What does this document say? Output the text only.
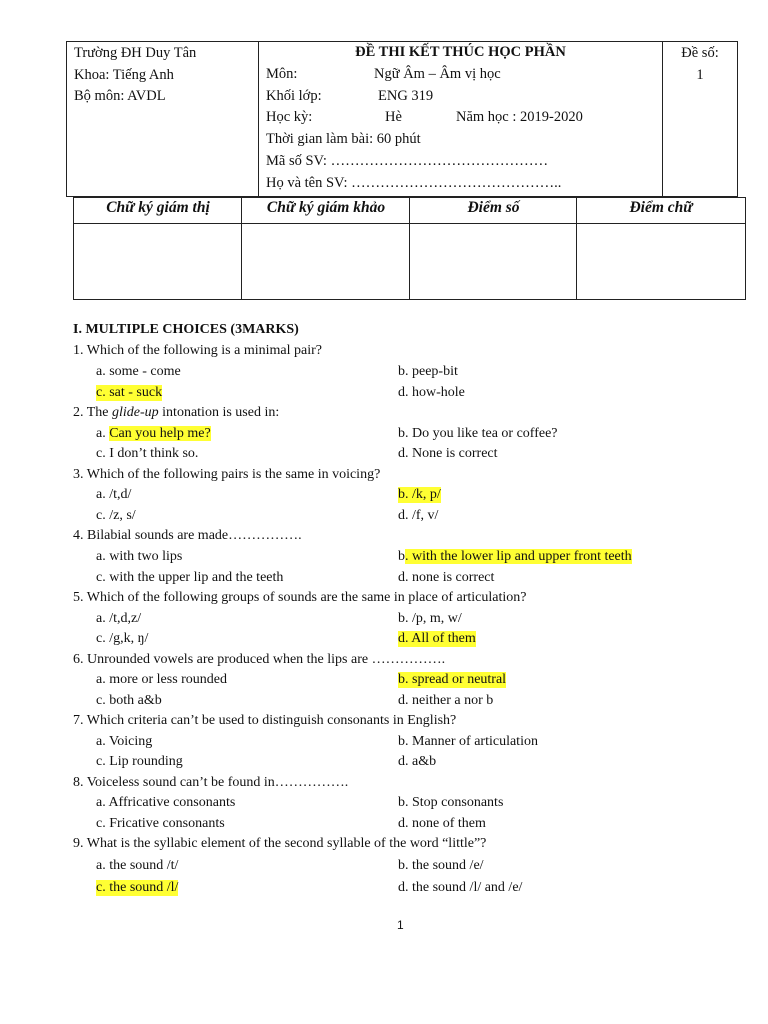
Trường ĐH Duy Tân
Khoa: Tiếng Anh
Bộ môn: AVDL
ĐỀ THI KẾT THÚC HỌC PHẦN
Môn:	Ngữ Âm – Âm vị học
Khối lớp:	ENG 319
Học kỳ:	Hè	Năm học : 2019-2020
Thời gian làm bài: 60 phút
Mã số SV: ………………………………………
Họ và tên SV: ……………………………………..
Đề số:
1
Chữ ký giám thị	Chữ ký giám khảo	Điểm số	Điểm chữ
I. MULTIPLE CHOICES (3MARKS)
1. Which of the following is a minimal pair?
a. some - come	b. peep-bit
c. sat - suck	d. how-hole
2. The glide-up intonation is used in:
a. Can you help me?	b. Do you like tea or coffee?
c. I don’t think so.	d. None is correct
3. Which of the following pairs is the same in voicing?
a. /t,d/	b. /k, p/
c. /z, s/	d. /f, v/
4. Bilabial sounds are made…………….
a. with two lips	b. with the lower lip and upper front teeth
c. with the upper lip and the teeth	d. none is correct
5. Which of the following groups of sounds are the same in place of articulation?
a. /t,d,z/	b. /p, m, w/
c. /g,k, ŋ/	d. All of them
6. Unrounded vowels are produced when the lips are …………….
a. more or less rounded	b. spread or neutral
c. both a&b	d. neither a nor b
7. Which criteria can’t be used to distinguish consonants in English?
a. Voicing	b. Manner of articulation
c. Lip rounding	d. a&b
8. Voiceless sound can’t be found in…………….
a. Affricative consonants	b. Stop consonants
c. Fricative consonants	d. none of them
9. What is the syllabic element of the second syllable of the word “little”?
a. the sound /t/	b. the sound /e/
c. the sound /l/	d. the sound /l/ and /e/
1
